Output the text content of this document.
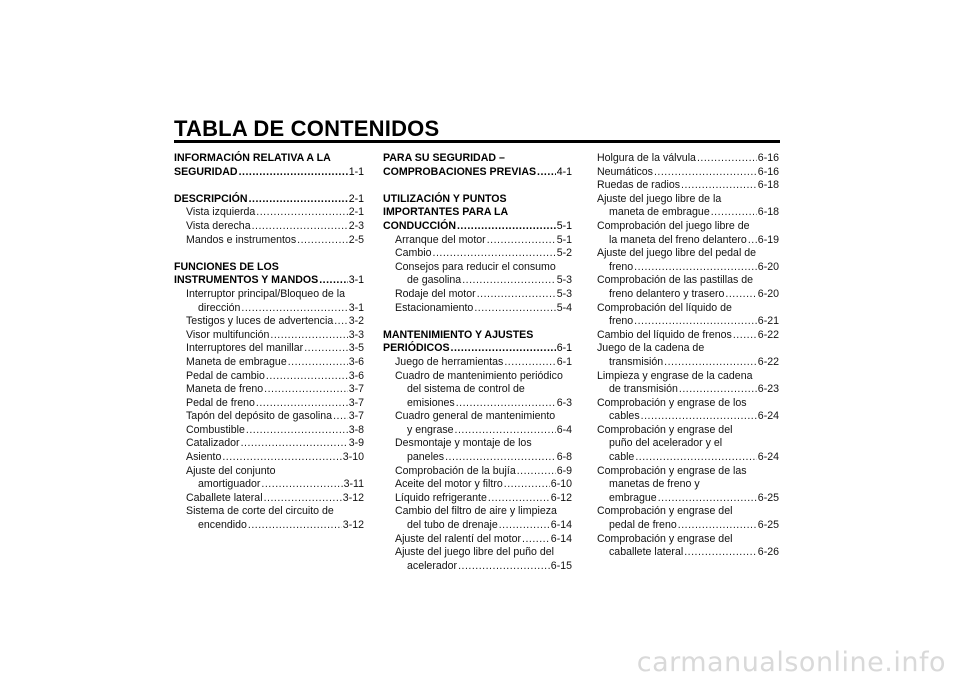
TABLA DE CONTENIDOS
INFORMACIÓN RELATIVA A LA
SEGURIDAD .....	1-1
DESCRIPCIÓN .....	2-1
Vista izquierda .....	2-1
Vista derecha .....	2-3
Mandos e instrumentos .....	2-5
FUNCIONES DE LOS
INSTRUMENTOS Y MANDOS .....	3-1
Interruptor principal/Bloqueo de la
dirección .....	3-1
Testigos y luces de advertencia ..... 3-2
Visor multifunción .....	3-3
Interruptores del manillar .....	3-5
Maneta de embrague .....	3-6
Pedal de cambio .....	3-6
Maneta de freno .....	3-7
Pedal de freno .....	3-7
Tapón del depósito de gasolina ..... 3-7
Combustible .....	3-8
Catalizador .....	3-9
Asiento .....	3-10
Ajuste del conjunto
amortiguador .....	3-11
Caballete lateral .....	3-12
Sistema de corte del circuito de
encendido .....	3-12
PARA SU SEGURIDAD –
COMPROBACIONES PREVIAS ..... 4-1
UTILIZACIÓN Y PUNTOS
IMPORTANTES PARA LA
CONDUCCIÓN .....	5-1
Arranque del motor .....	5-1
Cambio .....	5-2
Consejos para reducir el consumo
de gasolina .....	5-3
Rodaje del motor .....	5-3
Estacionamiento .....	5-4
MANTENIMIENTO Y AJUSTES
PERIÓDICOS .....	6-1
Juego de herramientas .....	6-1
Cuadro de mantenimiento periódico
del sistema de control de
emisiones .....	6-3
Cuadro general de mantenimiento
y engrase .....	6-4
Desmontaje y montaje de los
paneles .....	6-8
Comprobación de la bujía .....	6-9
Aceite del motor y filtro .....	6-10
Líquido refrigerante .....	6-12
Cambio del filtro de aire y limpieza
del tubo de drenaje .....	6-14
Ajuste del ralentí del motor .....	6-14
Ajuste del juego libre del puño del
acelerador .....	6-15
Holgura de la válvula .....	6-16
Neumáticos .....	6-16
Ruedas de radios .....	6-18
Ajuste del juego libre de la
maneta de embrague .....	6-18
Comprobación del juego libre de
la maneta del freno delantero ..... 6-19
Ajuste del juego libre del pedal de
freno .....	6-20
Comprobación de las pastillas de
freno delantero y trasero .....	6-20
Comprobación del líquido de
freno .....	6-21
Cambio del líquido de frenos ..... 6-22
Juego de la cadena de
transmisión .....	6-22
Limpieza y engrase de la cadena
de transmisión .....	6-23
Comprobación y engrase de los
cables .....	6-24
Comprobación y engrase del
puño del acelerador y el
cable .....	6-24
Comprobación y engrase de las
manetas de freno y
embrague .....	6-25
Comprobación y engrase del
pedal de freno .....	6-25
Comprobación y engrase del
caballete lateral .....	6-26
carmanualsonline.info
